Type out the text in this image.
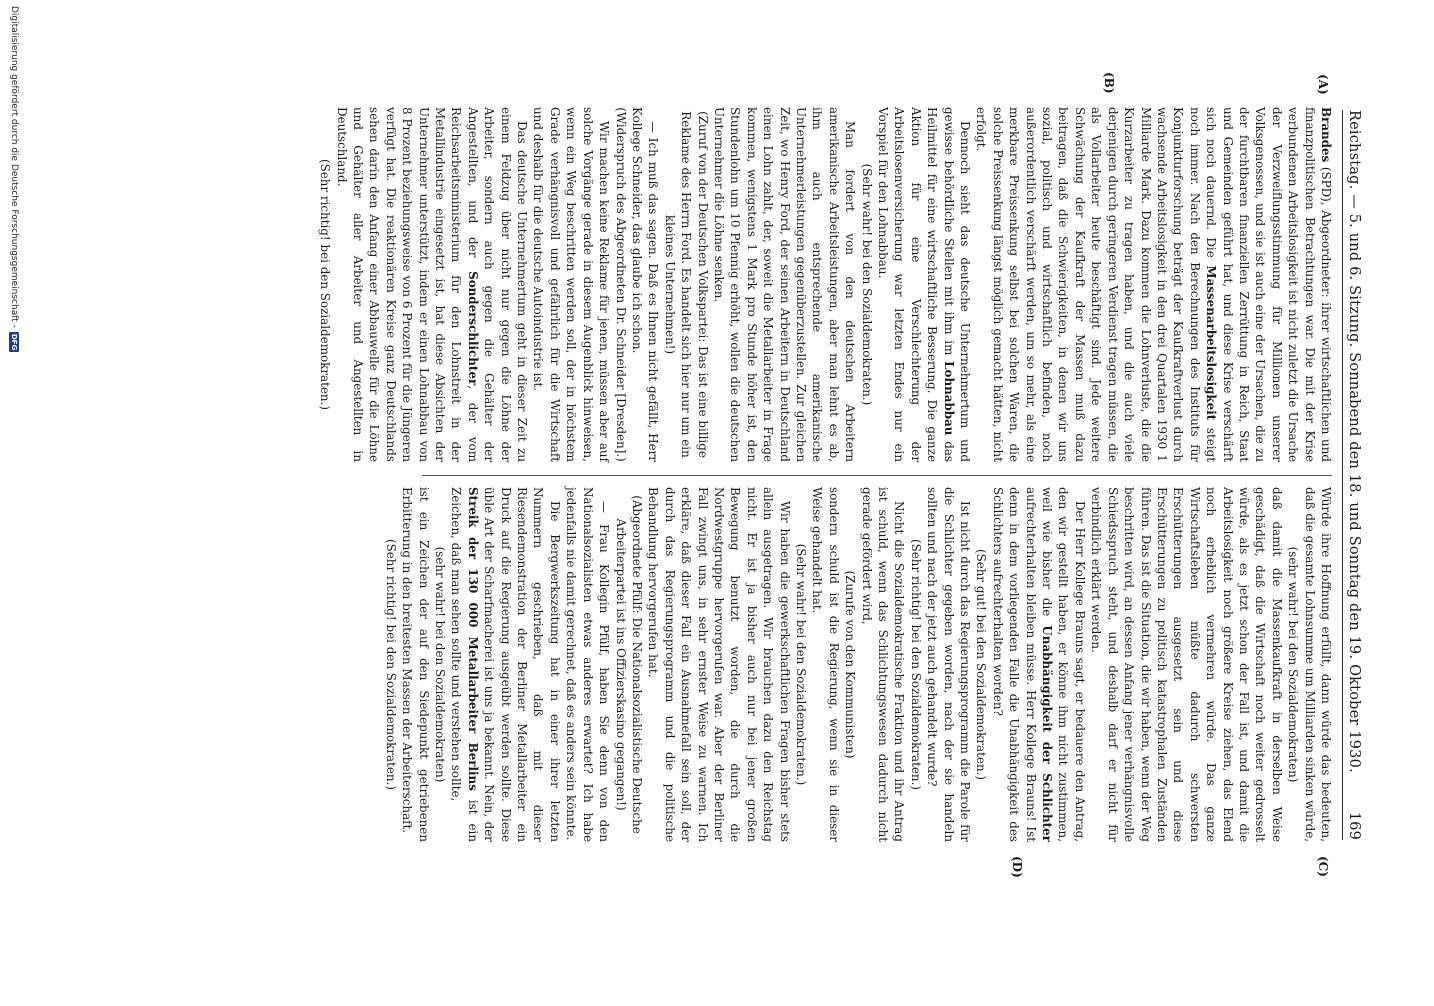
Reichstag. — 5. und 6. Sitzung. Sonnabend den 18. und Sonntag den 19. Oktober 1930.
169
(A)
(B)
(C)
(D)

Brandes (SPD), Abgeordneter: ihrer wirtschaftlichen und finanzpolitischen Betrachtungen war. Die mit der Krise verbundenen Arbeitslosigkeit ist nicht zuletzt die Ursache der Verzweiflungsstimmung für Millionen unserer Volksgenossen, und sie ist auch eine der Ursachen, die zu der furchtbaren finanziellen Zerrüttung in Reich, Staat und Gemeinden geführt hat, und diese Krise verschärft sich noch dauernd. Die Massenarbeitslosigkeit steigt noch immer. Nach den Berechnungen des Instituts für Konjunkturforschung beträgt der Kaufkraftverlust durch wachsende Arbeitslosigkeit in den drei Quartalen 1930 1 Milliarde Mark. Dazu kommen die Lohnverluste, die die Kurzarbeiter zu tragen haben, und die auch viele derjenigen durch geringeren Verdienst tragen müssen, die als Vollarbeiter heute beschäftigt sind. Jede weitere Schwächung der Kaufkraft der Massen muß dazu beitragen, daß die Schwierigkeiten, in denen wir uns sozial, politisch und wirtschaftlich befinden, noch außerordentlich verschärft werden, um so mehr, als eine merkbare Preissenkung selbst bei solchen Waren, die solche Preissenkung längst möglich gemacht hätten, nicht erfolgt.

Dennoch sieht das deutsche Unternehmertum und gewisse behördliche Stellen mit ihm im Lohnabbau das Heilmittel für eine wirtschaftliche Besserung. Die ganze Aktion für eine Verschlechterung der Arbeitslosenversicherung war letzten Endes nur ein Vorspiel für den Lohnabbau.

(Sehr wahr! bei den Sozialdemokraten.)

Man fordert von den deutschen Arbeitern amerikanische Arbeitsleistungen, aber man lehnt es ab, ihm auch entsprechende amerikanische Unternehmerleistungen gegenüberzustellen. Zur gleichen Zeit, wo Henry Ford, der seinen Arbeitern in Deutschland einen Lohn zahlt, der, soweit die Metallarbeiter in Frage kommen, wenigstens 1 Mark pro Stunde höher ist, den Stundenlohn um 10 Pfennig erhöht, wollen die deutschen Unternehmer die Löhne senken.

(Zuruf von der Deutschen Volkspartei: Das ist eine billige Reklame des Herrn Ford. Es handelt sich hier nur um ein kleines Unternehmen!)

— Ich muß das sagen. Daß es Ihnen nicht gefällt, Herr Kollege Schneider, das glaube ich schon.

(Widerspruch des Abgeordneten Dr. Schneider [Dresden].)

Wir machen keine Reklame für jenen, müssen aber auf solche Vorgänge gerade in diesem Augenblick hinweisen, wenn ein Weg beschritten werden soll, der in höchstem Grade verhängnisvoll und gefährlich für die Wirtschaft und deshalb für die deutsche Autoindustrie ist.

Das deutsche Unternehmertum geht in dieser Zeit zu einem Feldzug über nicht nur gegen die Löhne der Arbeiter, sondern auch gegen die Gehälter der Angestellten, und der Sonderschlichter, der vom Reichsarbeitsministerium für den Lohnstreit in der Metallindustrie eingesetzt ist, hat diese Absichten der Unternehmer unterstützt, indem er einen Lohnabbau von 8 Prozent beziehungsweise von 6 Prozent für die Jüngeren verfügt hat. Die reaktionären Kreise ganz Deutschlands sehen darin den Anfang einer Abbauwelle für die Löhne und Gehälter aller Arbeiter und Angestellten in Deutschland.

(Sehr richtig! bei den Sozialdemokraten.)

Würde ihre Hoffnung erfüllt, dann würde das bedeuten, daß die gesamte Lohnsumme um Milliarden sinken würde,

(sehr wahr! bei den Sozialdemokraten)

daß damit die Massenkaufkraft in derselben Weise geschädigt, daß die Wirtschaft noch weiter gedrosselt würde, als es jetzt schon der Fall ist, und damit die Arbeitslosigkeit noch größere Kreise ziehen, das Elend noch erheblich vermehren würde. Das ganze Wirtschaftsleben müßte dadurch schwersten Erschütterungen ausgesetzt sein und diese Erschütterungen zu politisch katastrophalen Zuständen führen. Das ist die Situation, die wir haben, wenn der Weg beschritten wird, an dessen Anfang jener verhängnisvolle Schiedsspruch steht, und deshalb darf er nicht für verbindlich erklärt werden.

Der Herr Kollege Brauns sagt, er bedauere den Antrag, den wir gestellt haben, er könne ihm nicht zustimmen, weil wie bisher die Unabhängigkeit der Schlichter aufrechterhalten bleiben müsse. Herr Kollege Brauns! Ist denn in dem vorliegenden Falle die Unabhängigkeit des Schlichters aufrechterhalten worden?

(Sehr gut! bei den Sozialdemokraten.)

Ist nicht durch das Regierungsprogramm die Parole für die Schlichter gegeben worden, nach der sie handeln sollten und nach der jetzt auch gehandelt wurde?

(Sehr richtig! bei den Sozialdemokraten.)

Nicht die Sozialdemokratische Fraktion und ihr Antrag ist schuld, wenn das Schlichtungswesen dadurch nicht gerade gefördert wird,

(Zurufe von den Kommunisten)

sondern schuld ist die Regierung, wenn sie in dieser Weise gehandelt hat.

(Sehr wahr! bei den Sozialdemokraten.)

Wir haben die gewerkschaftlichen Fragen bisher stets allein ausgetragen. Wir brauchen dazu den Reichstag nicht. Er ist ja bisher auch nur bei jener großen Bewegung benutzt worden, die durch die Nordwestgruppe hervorgerufen war. Aber der Berliner Fall zwingt uns, in sehr ernster Weise zu warnen. Ich erkläre, daß dieser Fall ein Ausnahmefall sein soll, der durch das Regierungsprogramm und die politische Behandlung hervorgerufen hat.

(Abgeordnete Pfülf: Die Nationalsozialistische Deutsche Arbeiterpartei ist ins Offizierskasino gegangen!)

— Frau Kollegin Pfülf, haben Sie denn von den Nationalsozialisten etwas anderes erwartet? Ich habe jedenfalls nie damit gerechnet, daß es anders sein könnte.

Die Bergwerkszeitung hat in einer ihrer letzten Nummern geschrieben, daß mit dieser Riesendemonstration der Berliner Metallarbeiter ein Druck auf die Regierung ausgeübt werden sollte. Diese üble Art der Scharfmacherei ist uns ja bekannt. Nein, der Streik der 130 000 Metallarbeiter Berlins ist ein Zeichen, daß man sehen sollte und verstehen sollte,

(sehr wahr! bei den Sozialdemokraten)

ist ein Zeichen der auf den Siedepunkt getriebenen Erbitterung in den breitesten Massen der Arbeiterschaft.

(Sehr richtig! bei den Sozialdemokraten.)

Digitalisierung gefördert durch die Deutsche Forschungsgemeinschaft -
DFG
